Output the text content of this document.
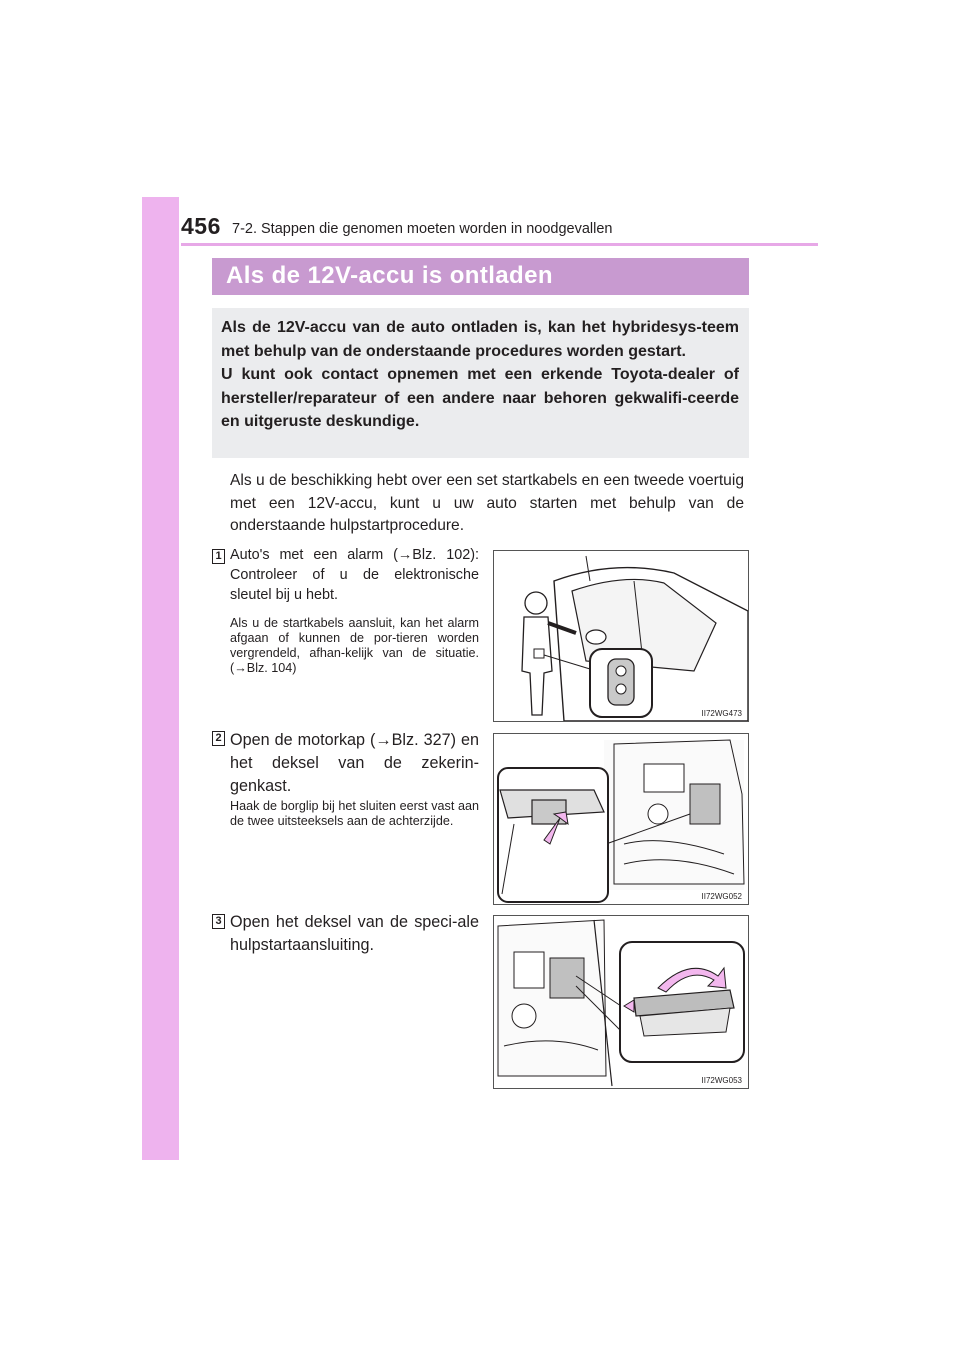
456 7-2. Stappen die genomen moeten worden in noodgevallen
Als de 12V-accu is ontladen

Als de 12V-accu van de auto ontladen is, kan het hybridesys-teem met behulp van de onderstaande procedures worden gestart.

U kunt ook contact opnemen met een erkende Toyota-dealer of hersteller/reparateur of een andere naar behoren gekwalifi-ceerde en uitgeruste deskundige.

Als u de beschikking hebt over een set startkabels en een tweede voertuig met een 12V-accu, kunt u uw auto starten met behulp van de onderstaande hulpstartprocedure.

1 Auto's met een alarm (→Blz. 102): Controleer of u de elektronische sleutel bij u hebt.

Als u de startkabels aansluit, kan het alarm afgaan of kunnen de por-tieren worden vergrendeld, afhan-kelijk van de situatie. (→Blz. 104)

II72WG473
2 Open de motorkap (→Blz. 327) en het deksel van de zekerin-genkast.

Haak de borglip bij het sluiten eerst vast aan de twee uitsteeksels aan de achterzijde.

II72WG052
3 Open het deksel van de speci-ale hulpstartaansluiting.

II72WG053
